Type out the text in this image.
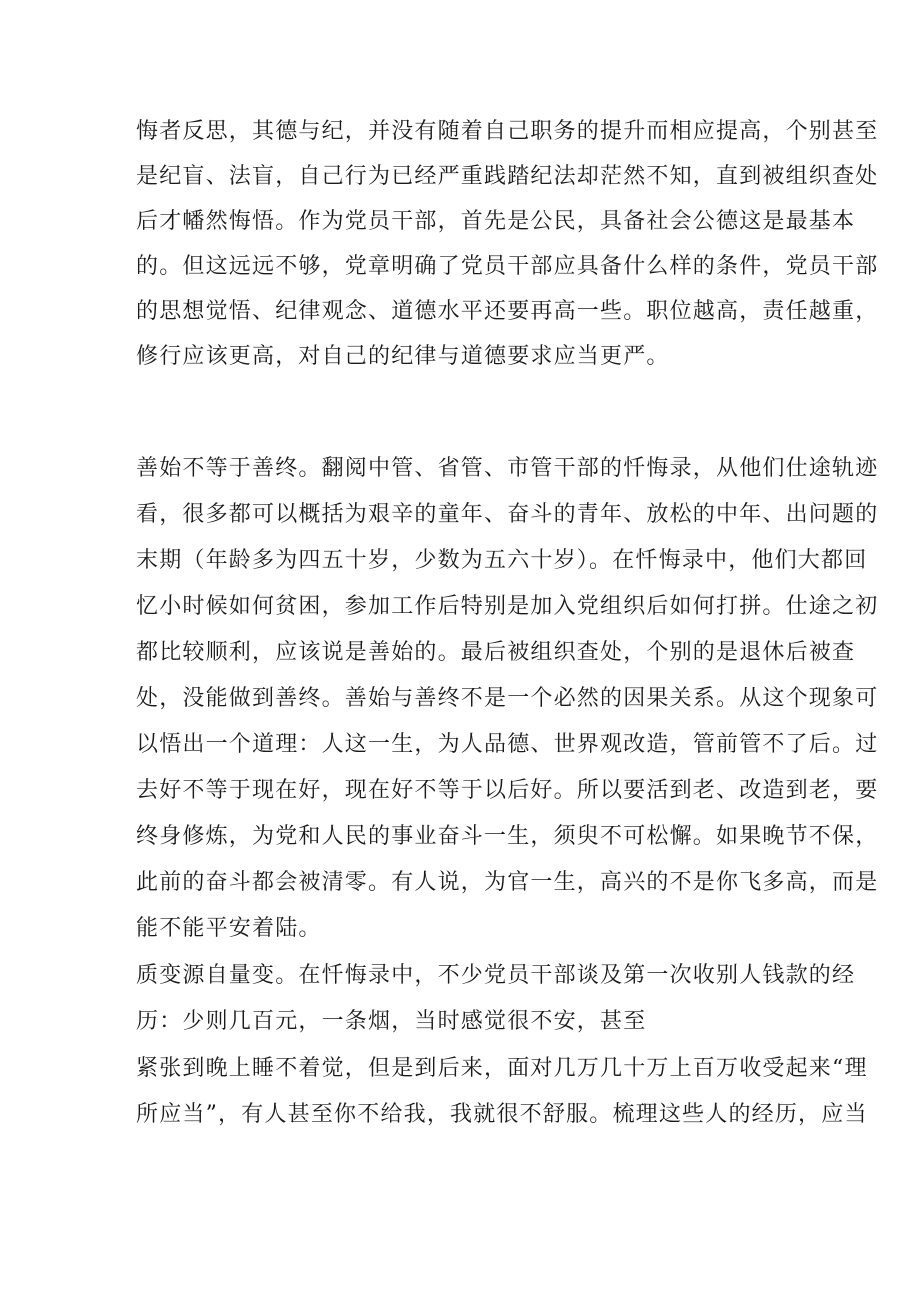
悔者反思，其德与纪，并没有随着自己职务的提升而相应提高，个别甚至
是纪盲、法盲，自己行为已经严重践踏纪法却茫然不知，直到被组织查处
后才幡然悔悟。作为党员干部，首先是公民，具备社会公德这是最基本
的。但这远远不够，党章明确了党员干部应具备什么样的条件，党员干部
的思想觉悟、纪律观念、道德水平还要再高一些。职位越高，责任越重，
修行应该更高，对自己的纪律与道德要求应当更严。
善始不等于善终。翻阅中管、省管、市管干部的忏悔录，从他们仕途轨迹
看，很多都可以概括为艰辛的童年、奋斗的青年、放松的中年、出问题的
末期（年龄多为四五十岁，少数为五六十岁）。在忏悔录中，他们大都回
忆小时候如何贫困，参加工作后特别是加入党组织后如何打拼。仕途之初
都比较顺利，应该说是善始的。最后被组织查处，个别的是退休后被查
处，没能做到善终。善始与善终不是一个必然的因果关系。从这个现象可
以悟出一个道理：人这一生，为人品德、世界观改造，管前管不了后。过
去好不等于现在好，现在好不等于以后好。所以要活到老、改造到老，要
终身修炼，为党和人民的事业奋斗一生，须臾不可松懈。如果晚节不保，
此前的奋斗都会被清零。有人说，为官一生，高兴的不是你飞多高，而是
能不能平安着陆。
质变源自量变。在忏悔录中，不少党员干部谈及第一次收别人钱款的经
历：少则几百元，一条烟，当时感觉很不安，甚至
紧张到晚上睡不着觉，但是到后来，面对几万几十万上百万收受起来“理
所应当”，有人甚至你不给我，我就很不舒服。梳理这些人的经历，应当
